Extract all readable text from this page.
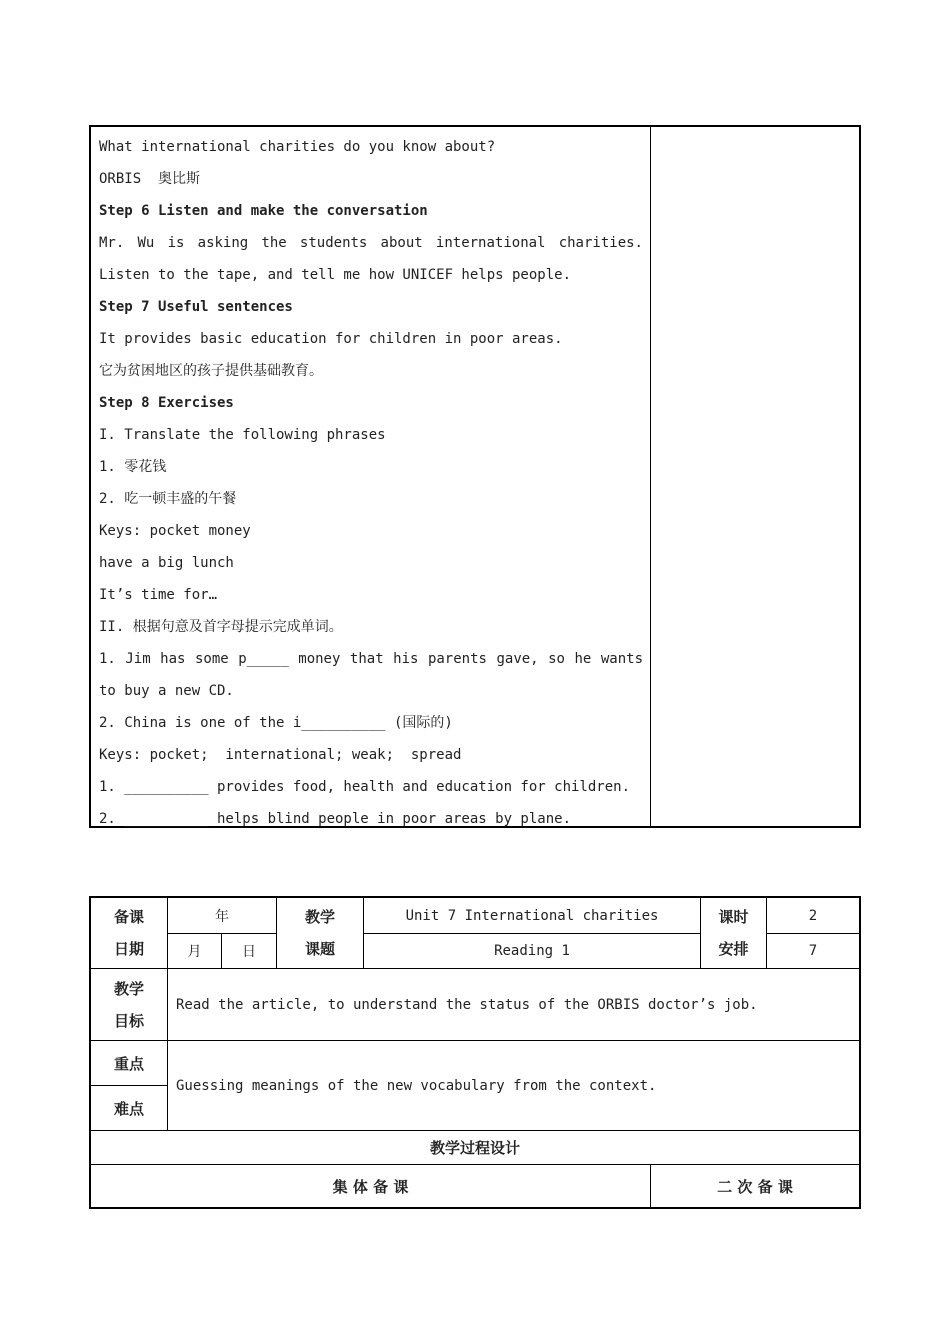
What international charities do you know about?
ORBIS  奥比斯
Step 6 Listen and make the conversation
Mr. Wu is asking the students about international charities.
Listen to the tape, and tell me how UNICEF helps people.
Step 7 Useful sentences
It provides basic education for children in poor areas.
它为贫困地区的孩子提供基础教育。
Step 8 Exercises
I. Translate the following phrases
1. 零花钱
2. 吃一顿丰盛的午餐
Keys: pocket money
have a big lunch
It’s time for…
II. 根据句意及首字母提示完成单词。
1. Jim has some p_____ money that his parents gave, so he wants
to buy a new CD.
2. China is one of the i__________ (国际的)
Keys: pocket;  international; weak;  spread
1. __________ provides food, health and education for children.
2. __________ helps blind people in poor areas by plane.
备课
日期
年
月	日
教学
课题
Unit 7 International charities
Reading 1
课时
安排
2
7
教学
目标
Read the article, to understand the status of the ORBIS doctor’s job.
重点
难点
Guessing meanings of the new vocabulary from the context.
教学过程设计
集 体 备 课	二 次 备 课
